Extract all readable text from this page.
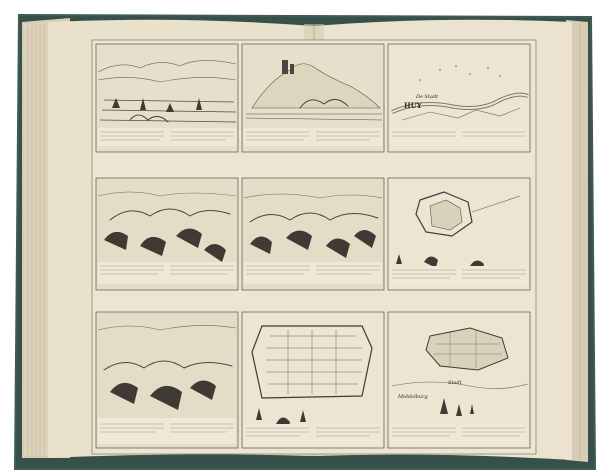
De Stadt
HUY
Stadt
Middelburg
